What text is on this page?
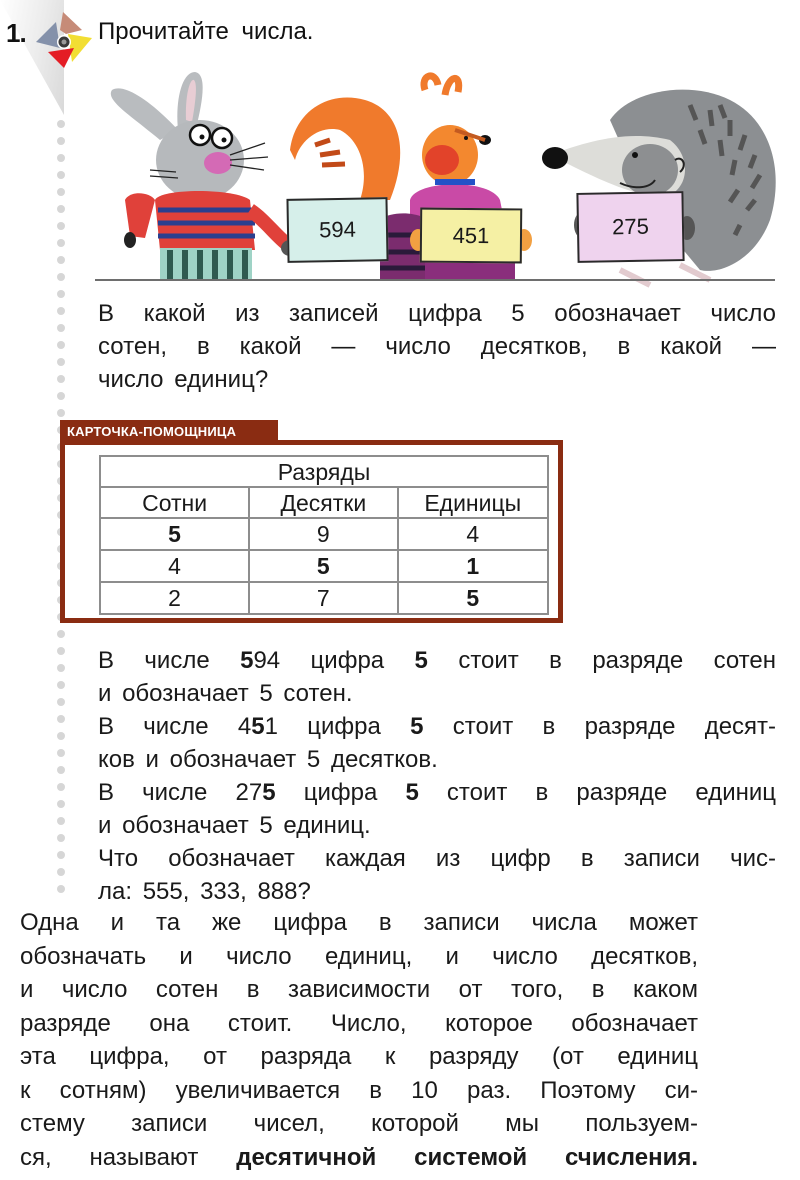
1.	Прочитайте числа.
594	451	275
В какой из записей цифра 5 обозначает число
сотен, в какой — число десятков, в какой —
число единиц?
КАРТОЧКА-ПОМОЩНИЦА
Разряды		
Сотни	Десятки	Единицы
5	9	4
4	5	1
2	7	5
В числе 594 цифра 5 стоит в разряде сотен
и обозначает 5 сотен.
В числе 451 цифра 5 стоит в разряде десят-
ков и обозначает 5 десятков.
В числе 275 цифра 5 стоит в разряде единиц
и обозначает 5 единиц.
Что обозначает каждая из цифр в записи чис-
ла: 555, 333, 888?
Одна и та же цифра в записи числа может
обозначать и число единиц, и число десятков,
и число сотен в зависимости от того, в каком
разряде она стоит. Число, которое обозначает
эта цифра, от разряда к разряду (от единиц
к сотням) увеличивается в 10 раз. Поэтому си-
стему записи чисел, которой мы пользуем-
ся, называют десятичной системой счисления.
